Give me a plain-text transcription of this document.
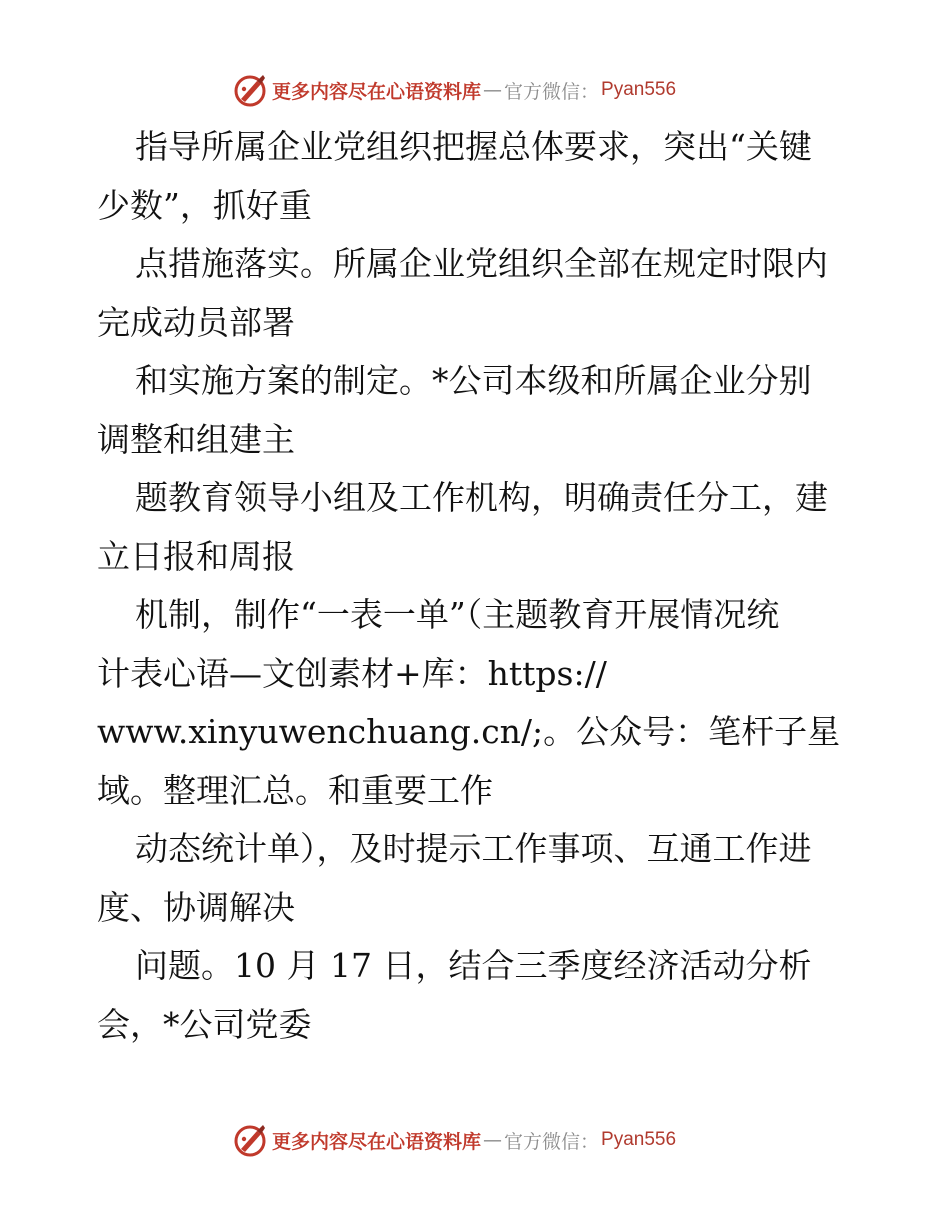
更多内容尽在心语资料库 — 官方微信： Pyan556
指导所属企业党组织把握总体要求，突出“关键
少数”，抓好重
点措施落实。所属企业党组织全部在规定时限内
完成动员部署
和实施方案的制定。*公司本级和所属企业分别
调整和组建主
题教育领导小组及工作机构，明确责任分工，建
立日报和周报
机制，制作“一表一单”（主题教育开展情况统
计表心语—文创素材+库：https://
www.xinyuwenchuang.cn/;。公众号：笔杆子星
域。整理汇总。和重要工作
动态统计单），及时提示工作事项、互通工作进
度、协调解决
问题。10 月 17 日，结合三季度经济活动分析
会，*公司党委
更多内容尽在心语资料库 — 官方微信： Pyan556
